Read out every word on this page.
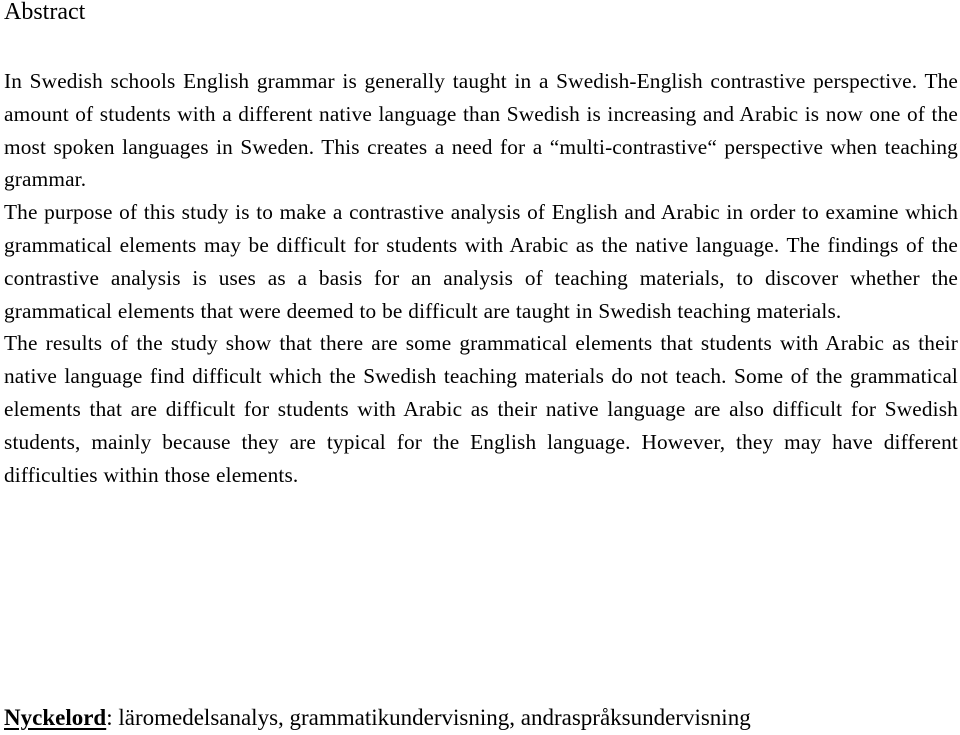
Abstract

In Swedish schools English grammar is generally taught in a Swedish-English contrastive perspective. The amount of students with a different native language than Swedish is increasing and Arabic is now one of the most spoken languages in Sweden. This creates a need for a “multi-contrastive“ perspective when teaching grammar.

The purpose of this study is to make a contrastive analysis of English and Arabic in order to examine which grammatical elements may be difficult for students with Arabic as the native language. The findings of the contrastive analysis is uses as a basis for an analysis of teaching materials, to discover whether the grammatical elements that were deemed to be difficult are taught in Swedish teaching materials.

The results of the study show that there are some grammatical elements that students with Arabic as their native language find difficult which the Swedish teaching materials do not teach. Some of the grammatical elements that are difficult for students with Arabic as their native language are also difficult for Swedish students, mainly because they are typical for the English language. However, they may have different difficulties within those elements.

Nyckelord: läromedelsanalys, grammatikundervisning, andraspråksundervisning
